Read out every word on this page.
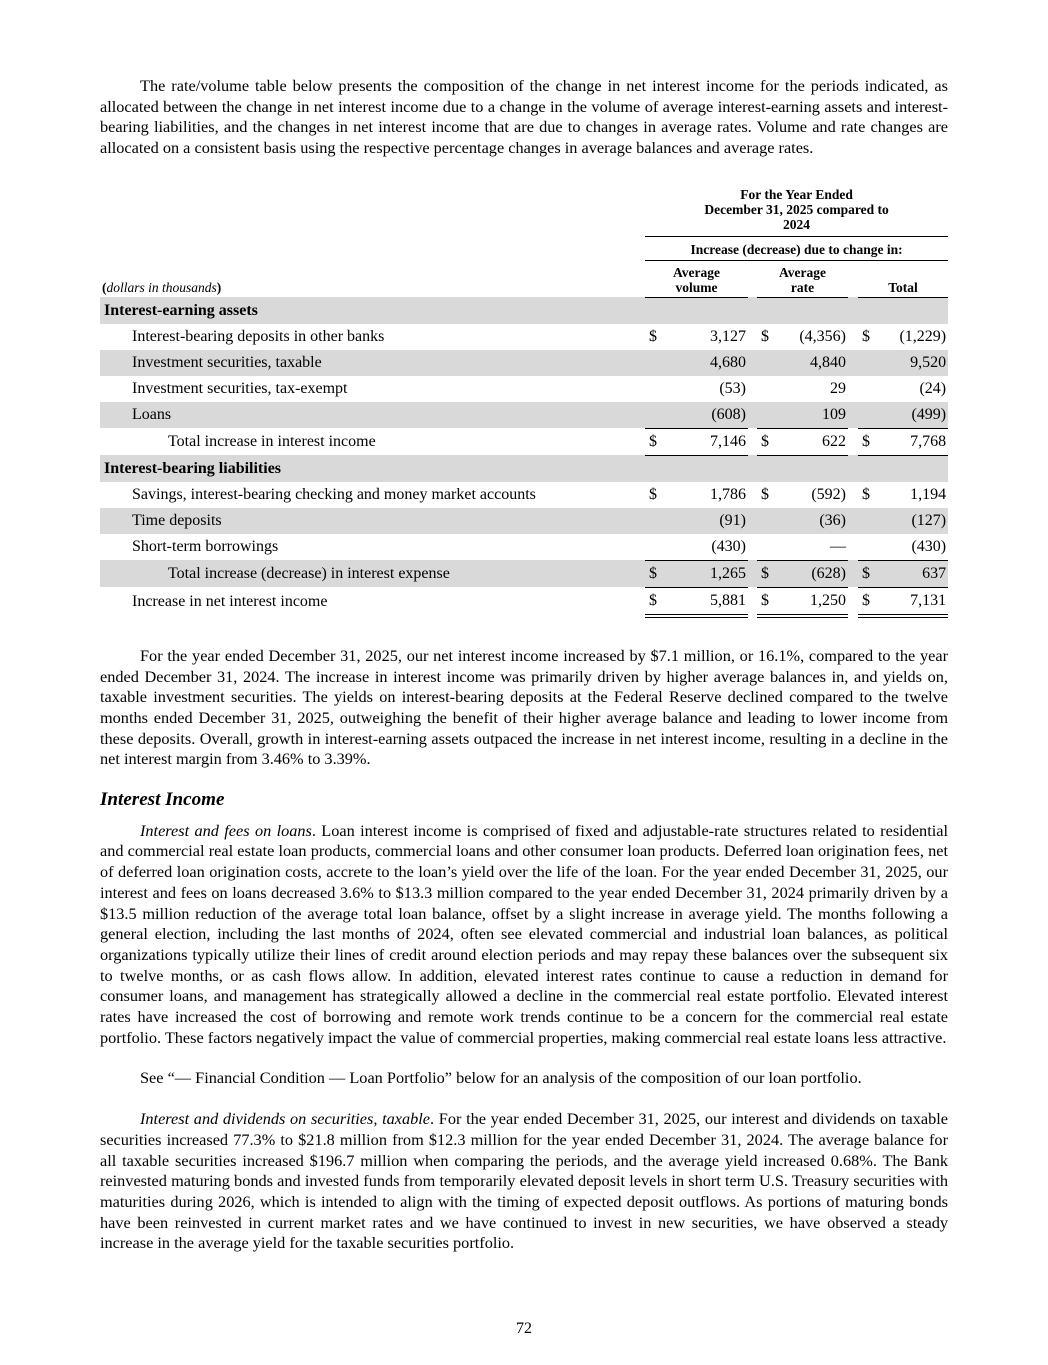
The rate/volume table below presents the composition of the change in net interest income for the periods indicated, as allocated between the change in net interest income due to a change in the volume of average interest-earning assets and interest-bearing liabilities, and the changes in net interest income that are due to changes in average rates. Volume and rate changes are allocated on a consistent basis using the respective percentage changes in average balances and average rates.

	For the Year Ended
December 31, 2025 compared to
2024							

	Increase (decrease) due to change in:							
(dollars in thousands)	
Average
volume

Average
rate		Total

Interest-earning assets								
Interest-bearing deposits in other banks	$	3,127		$	(4,356)		$	(1,229)
Investment securities, taxable		4,680			4,840			9,520
Investment securities, tax-exempt		(53)			29			(24)
Loans		(608)			109			(499)
Total increase in interest income	$	7,146		$	622		$	7,768
Interest-bearing liabilities								
Savings, interest-bearing checking and money market accounts	$	1,786		$	(592)		$	1,194
Time deposits		(91)			(36)			(127)
Short-term borrowings		(430)			—			(430)
Total increase (decrease) in interest expense	$	1,265		$	(628)		$	637
Increase in net interest income	$	5,881		$	1,250		$	7,131

For the year ended December 31, 2025, our net interest income increased by $7.1 million, or 16.1%, compared to the year ended December 31, 2024. The increase in interest income was primarily driven by higher average balances in, and yields on, taxable investment securities. The yields on interest-bearing deposits at the Federal Reserve declined compared to the twelve months ended December 31, 2025, outweighing the benefit of their higher average balance and leading to lower income from these deposits. Overall, growth in interest-earning assets outpaced the increase in net interest income, resulting in a decline in the net interest margin from 3.46% to 3.39%.

Interest Income

Interest and fees on loans. Loan interest income is comprised of fixed and adjustable-rate structures related to residential and commercial real estate loan products, commercial loans and other consumer loan products. Deferred loan origination fees, net of deferred loan origination costs, accrete to the loan’s yield over the life of the loan. For the year ended December 31, 2025, our interest and fees on loans decreased 3.6% to $13.3 million compared to the year ended December 31, 2024 primarily driven by a $13.5 million reduction of the average total loan balance, offset by a slight increase in average yield. The months following a general election, including the last months of 2024, often see elevated commercial and industrial loan balances, as political organizations typically utilize their lines of credit around election periods and may repay these balances over the subsequent six to twelve months, or as cash flows allow. In addition, elevated interest rates continue to cause a reduction in demand for consumer loans, and management has strategically allowed a decline in the commercial real estate portfolio. Elevated interest rates have increased the cost of borrowing and remote work trends continue to be a concern for the commercial real estate portfolio. These factors negatively impact the value of commercial properties, making commercial real estate loans less attractive.

See “— Financial Condition — Loan Portfolio” below for an analysis of the composition of our loan portfolio.

Interest and dividends on securities, taxable. For the year ended December 31, 2025, our interest and dividends on taxable securities increased 77.3% to $21.8 million from $12.3 million for the year ended December 31, 2024. The average balance for all taxable securities increased $196.7 million when comparing the periods, and the average yield increased 0.68%. The Bank reinvested maturing bonds and invested funds from temporarily elevated deposit levels in short term U.S. Treasury securities with maturities during 2026, which is intended to align with the timing of expected deposit outflows. As portions of maturing bonds have been reinvested in current market rates and we have continued to invest in new securities, we have observed a steady increase in the average yield for the taxable securities portfolio.

72
